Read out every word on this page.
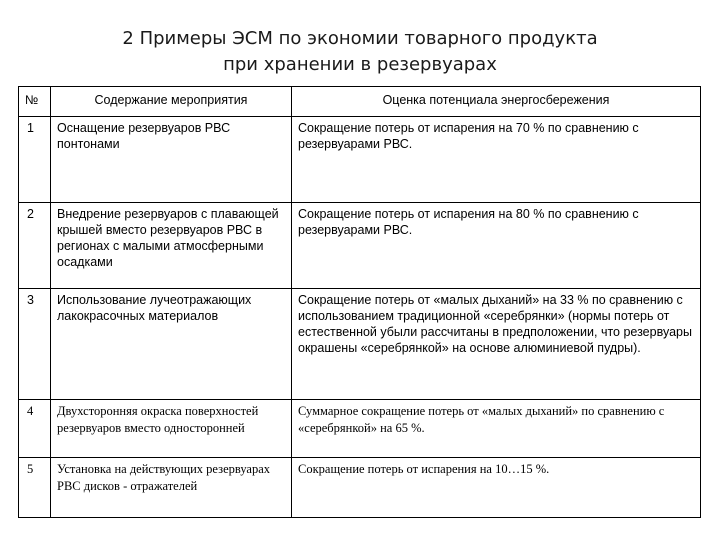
2 Примеры ЭСМ по экономии товарного продукта
при хранении в резервуарах
№	Содержание мероприятия	Оценка потенциала энергосбережения
1	Оснащение резервуаров РВС понтонами	Сокращение потерь от испарения на 70 % по сравнению с резервуарами РВС.
2	Внедрение резервуаров с плавающей крышей вместо резервуаров РВС в регионах с малыми атмосферными осадками	Сокращение потерь от испарения на 80 % по сравнению с резервуарами РВС.
3	Использование лучеотражающих лакокрасочных материалов	Сокращение потерь от «малых дыханий» на 33 % по сравнению с использованием традиционной «серебрянки» (нормы потерь от естественной убыли рассчитаны в предположении, что резервуары окрашены «серебрянкой» на основе алюминиевой пудры).
4	Двухсторонняя окраска поверхностей резервуаров вместо односторонней	Суммарное сокращение потерь от «малых дыханий» по сравнению с «серебрянкой» на 65 %.
5	Установка на действующих резервуарах РВС дисков - отражателей	Сокращение потерь от испарения на 10…15 %.
